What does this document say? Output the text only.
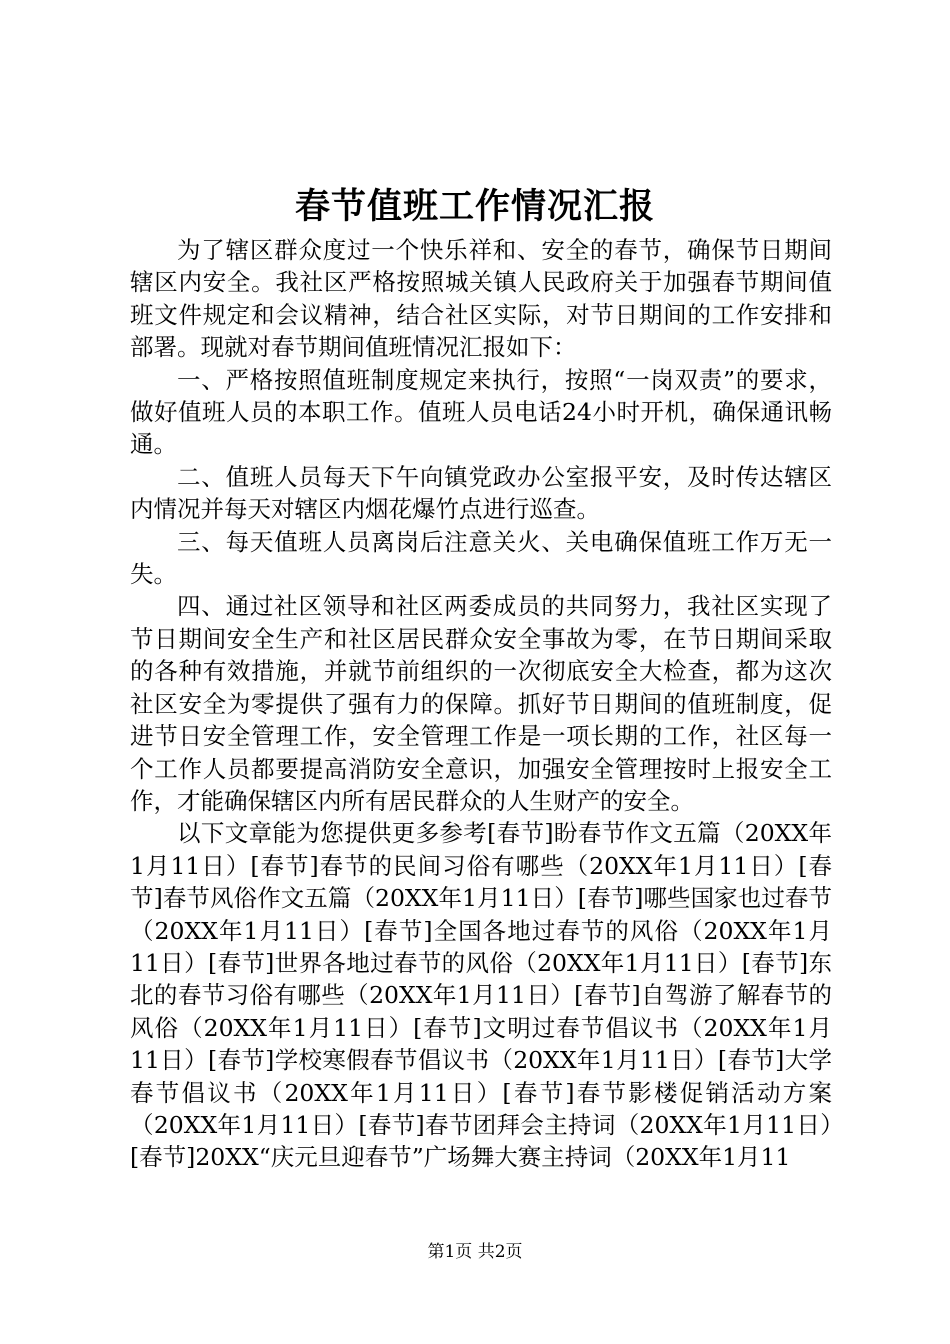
春节值班工作情况汇报

为了辖区群众度过一个快乐祥和、安全的春节，确保节日期间辖区内安全。我社区严格按照城关镇人民政府关于加强春节期间值班文件规定和会议精神，结合社区实际，对节日期间的工作安排和部署。现就对春节期间值班情况汇报如下：

一、严格按照值班制度规定来执行，按照“一岗双责”的要求，做好值班人员的本职工作。值班人员电话24小时开机，确保通讯畅通。

二、值班人员每天下午向镇党政办公室报平安，及时传达辖区内情况并每天对辖区内烟花爆竹点进行巡查。

三、每天值班人员离岗后注意关火、关电确保值班工作万无一失。

四、通过社区领导和社区两委成员的共同努力，我社区实现了节日期间安全生产和社区居民群众安全事故为零，在节日期间采取的各种有效措施，并就节前组织的一次彻底安全大检查，都为这次社区安全为零提供了强有力的保障。抓好节日期间的值班制度，促进节日安全管理工作，安全管理工作是一项长期的工作，社区每一个工作人员都要提高消防安全意识，加强安全管理按时上报安全工作，才能确保辖区内所有居民群众的人生财产的安全。

以下文章能为您提供更多参考[春节]盼春节作文五篇（20XX年1月11日）[春节]春节的民间习俗有哪些（20XX年1月11日）[春节]春节风俗作文五篇（20XX年1月11日）[春节]哪些国家也过春节（20XX年1月11日）[春节]全国各地过春节的风俗（20XX年1月11日）[春节]世界各地过春节的风俗（20XX年1月11日）[春节]东北的春节习俗有哪些（20XX年1月11日）[春节]自驾游了解春节的风俗（20XX年1月11日）[春节]文明过春节倡议书（20XX年1月11日）[春节]学校寒假春节倡议书（20XX年1月11日）[春节]大学春节倡议书（20XX年1月11日）[春节]春节影楼促销活动方案（20XX年1月11日）[春节]春节团拜会主持词（20XX年1月11日）[春节]20XX“庆元旦迎春节”广场舞大赛主持词（20XX年1月11

第1页 共2页
